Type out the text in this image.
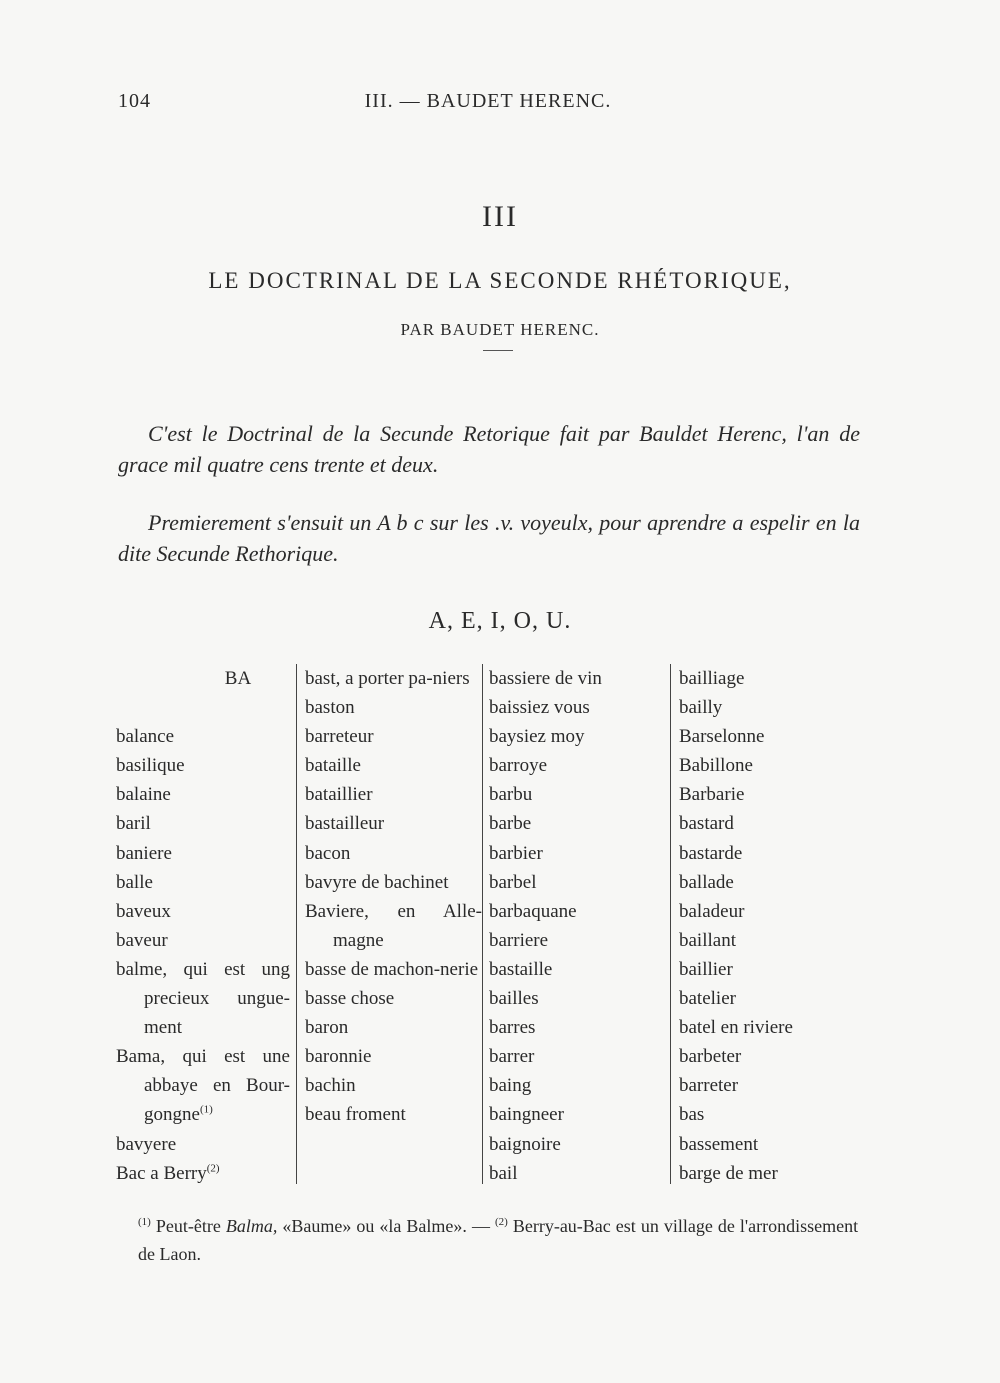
104	III. — BAUDET HERENC.
III
LE DOCTRINAL DE LA SECONDE RHÉTORIQUE,
PAR BAUDET HERENC.
C'est le Doctrinal de la Secunde Retorique fait par Bauldet Herenc, l'an de grace mil quatre cens trente et deux.
Premierement s'ensuit un A b c sur les .v. voyeulx, pour aprendre a espelir en la dite Secunde Rethorique.
A, E, I, O, U.
BA
balance
basilique
balaine
baril
baniere
balle
baveux
baveur
balme, qui est ung precieux ungue-ment
Bama, qui est une abbaye en Bour-gongne$^{(1)}$
bavyere
Bac a Berry$^{(2)}$
bast, a porter pa-niers
baston
barreteur
bataille
bataillier
bastailleur
bacon
bavyre de bachinet
Baviere, en Alle-magne
basse de machon-nerie
basse chose
baron
baronnie
bachin
beau froment
bassiere de vin
baissiez vous
baysiez moy
barroye
barbu
barbe
barbier
barbel
barbaquane
barriere
bastaille
bailles
barres
barrer
baing
baingneer
baignoire
bail
bailliage
bailly
Barselonne
Babillone
Barbarie
bastard
bastarde
ballade
baladeur
baillant
baillier
batelier
batel en riviere
barbeter
barreter
bas
bassement
barge de mer
$^{(1)}$ Peut-être Balma, «Baume» ou «la Balme». — $^{(2)}$ Berry-au-Bac est un village de l'arrondissement de Laon.
